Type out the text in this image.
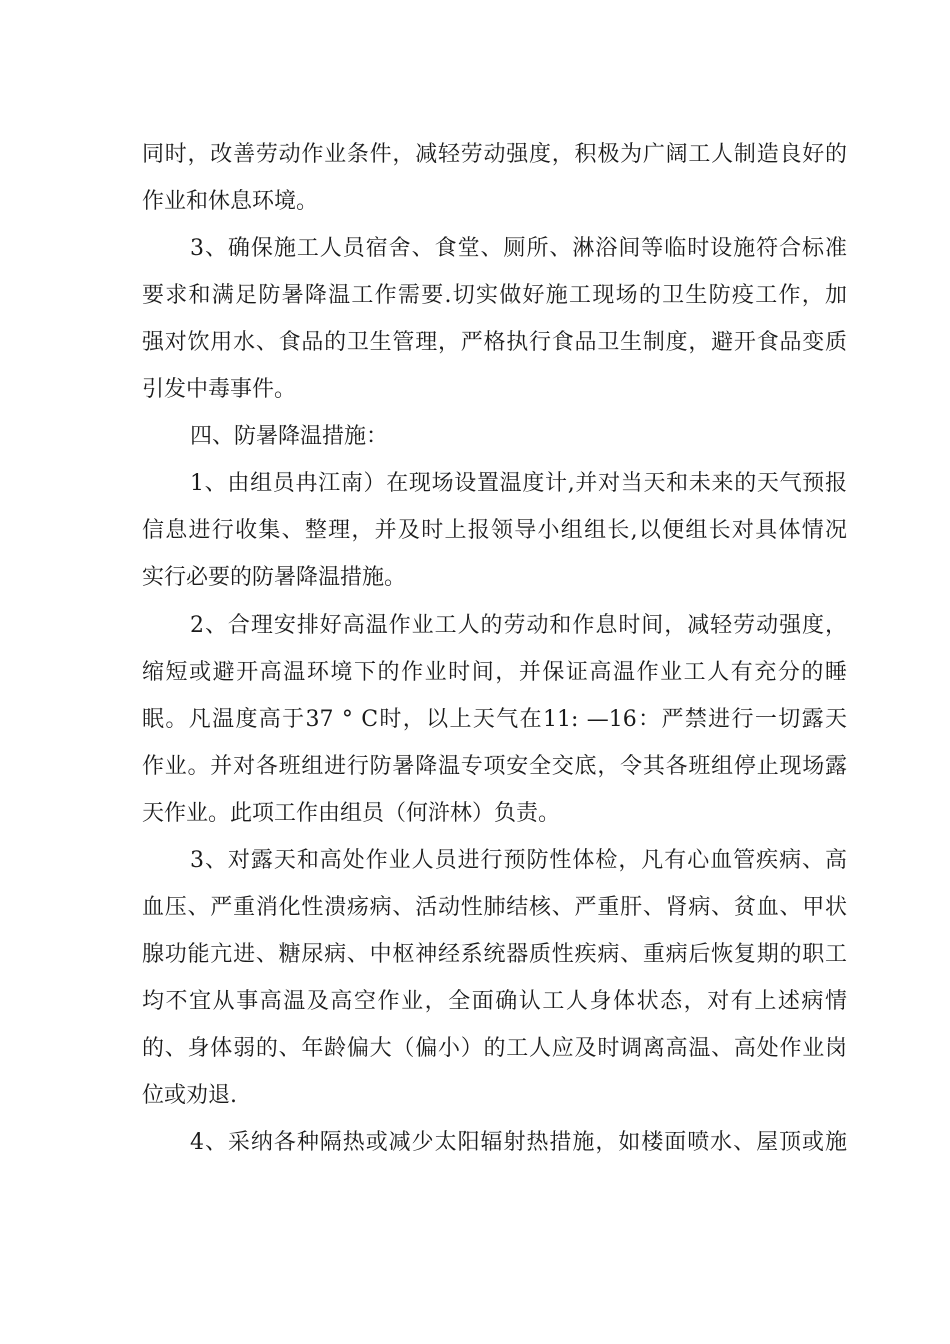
同时，改善劳动作业条件，减轻劳动强度，积极为广阔工人制造良好的
作业和休息环境。
3、确保施工人员宿舍、食堂、厕所、淋浴间等临时设施符合标准
要求和满足防暑降温工作需要.切实做好施工现场的卫生防疫工作，加
强对饮用水、食品的卫生管理，严格执行食品卫生制度，避开食品变质
引发中毒事件。
四、防暑降温措施：
1、由组员冉江南）在现场设置温度计,并对当天和未来的天气预报
信息进行收集、整理，并及时上报领导小组组长,以便组长对具体情况
实行必要的防暑降温措施。
2、合理安排好高温作业工人的劳动和作息时间，减轻劳动强度，
缩短或避开高温环境下的作业时间，并保证高温作业工人有充分的睡
眠。凡温度高于37 ° C时，以上天气在11: —16：严禁进行一切露天
作业。并对各班组进行防暑降温专项安全交底，令其各班组停止现场露
天作业。此项工作由组员（何浒林）负责。
3、对露天和高处作业人员进行预防性体检，凡有心血管疾病、高
血压、严重消化性溃疡病、活动性肺结核、严重肝、肾病、贫血、甲状
腺功能亢进、糖尿病、中枢神经系统器质性疾病、重病后恢复期的职工
均不宜从事高温及高空作业，全面确认工人身体状态，对有上述病情
的、身体弱的、年龄偏大（偏小）的工人应及时调离高温、高处作业岗
位或劝退.
4、采纳各种隔热或减少太阳辐射热措施，如楼面喷水、屋顶或施
